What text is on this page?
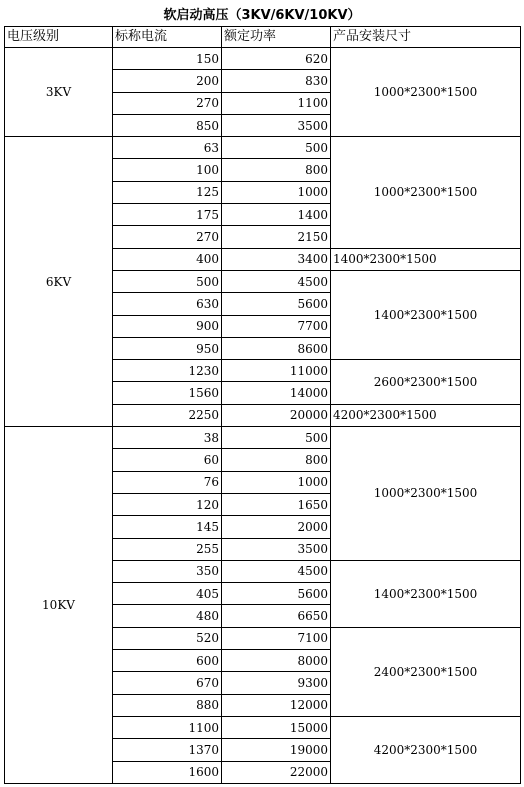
软启动高压（3KV/6KV/10KV）
电压级别	标称电流	额定功率	产品安装尺寸
3KV	150	620	1000*2300*1500
	200	830	
	270	1100	
	850	3500	
6KV	63	500	1000*2300*1500
	100	800	
	125	1000	
	175	1400	
	270	2150	
	400	3400	1400*2300*1500
	500	4500	1400*2300*1500
	630	5600	
	900	7700	
	950	8600	
	1230	11000	2600*2300*1500
	1560	14000	
	2250	20000	4200*2300*1500
10KV	38	500	1000*2300*1500
	60	800	
	76	1000	
	120	1650	
	145	2000	
	255	3500	
	350	4500	1400*2300*1500
	405	5600	
	480	6650	
	520	7100	2400*2300*1500
	600	8000	
	670	9300	
	880	12000	
	1100	15000	4200*2300*1500
	1370	19000	
	1600	22000	
